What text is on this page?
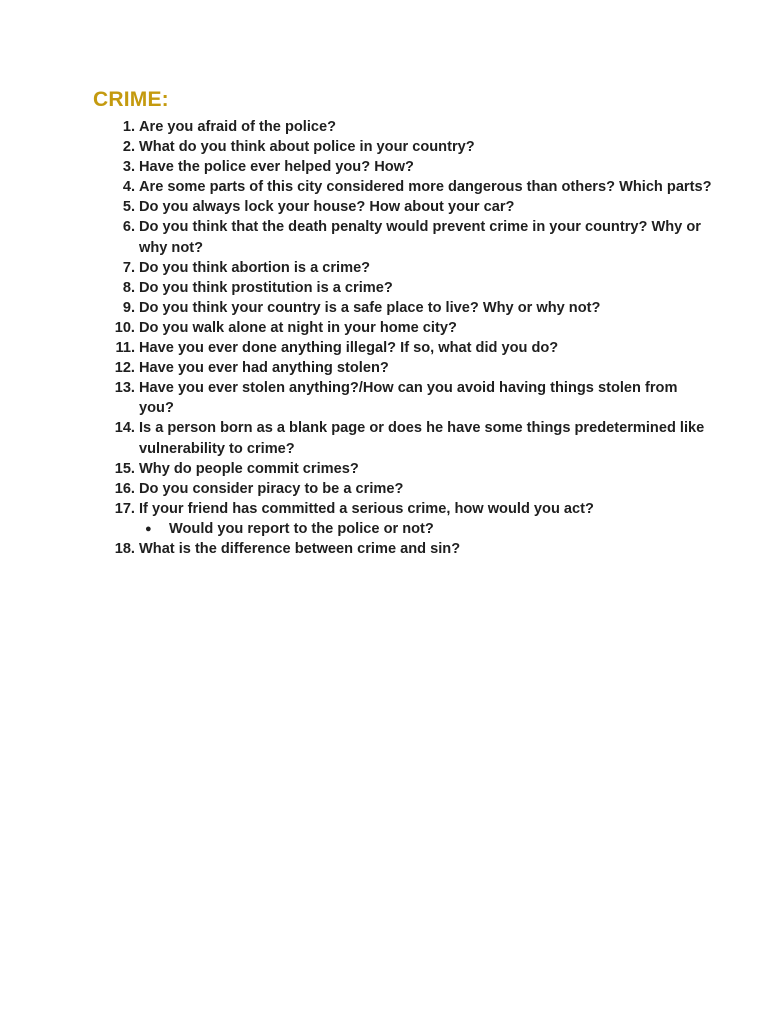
CRIME:
1. Are you afraid of the police?
2. What do you think about police in your country?
3. Have the police ever helped you? How?
4. Are some parts of this city considered more dangerous than others? Which parts?
5. Do you always lock your house? How about your car?
6. Do you think that the death penalty would prevent crime in your country? Why or why not?
7. Do you think abortion is a crime?
8. Do you think prostitution is a crime?
9. Do you think your country is a safe place to live? Why or why not?
10. Do you walk alone at night in your home city?
11. Have you ever done anything illegal? If so, what did you do?
12. Have you ever had anything stolen?
13. Have you ever stolen anything?/How can you avoid having things stolen from you?
14. Is a person born as a blank page or does he have some things predetermined like vulnerability to crime?
15. Why do people commit crimes?
16. Do you consider piracy to be a crime?
17. If your friend has committed a serious crime, how would you act?
●	Would you report to the police or not?
18. What is the difference between crime and sin?
